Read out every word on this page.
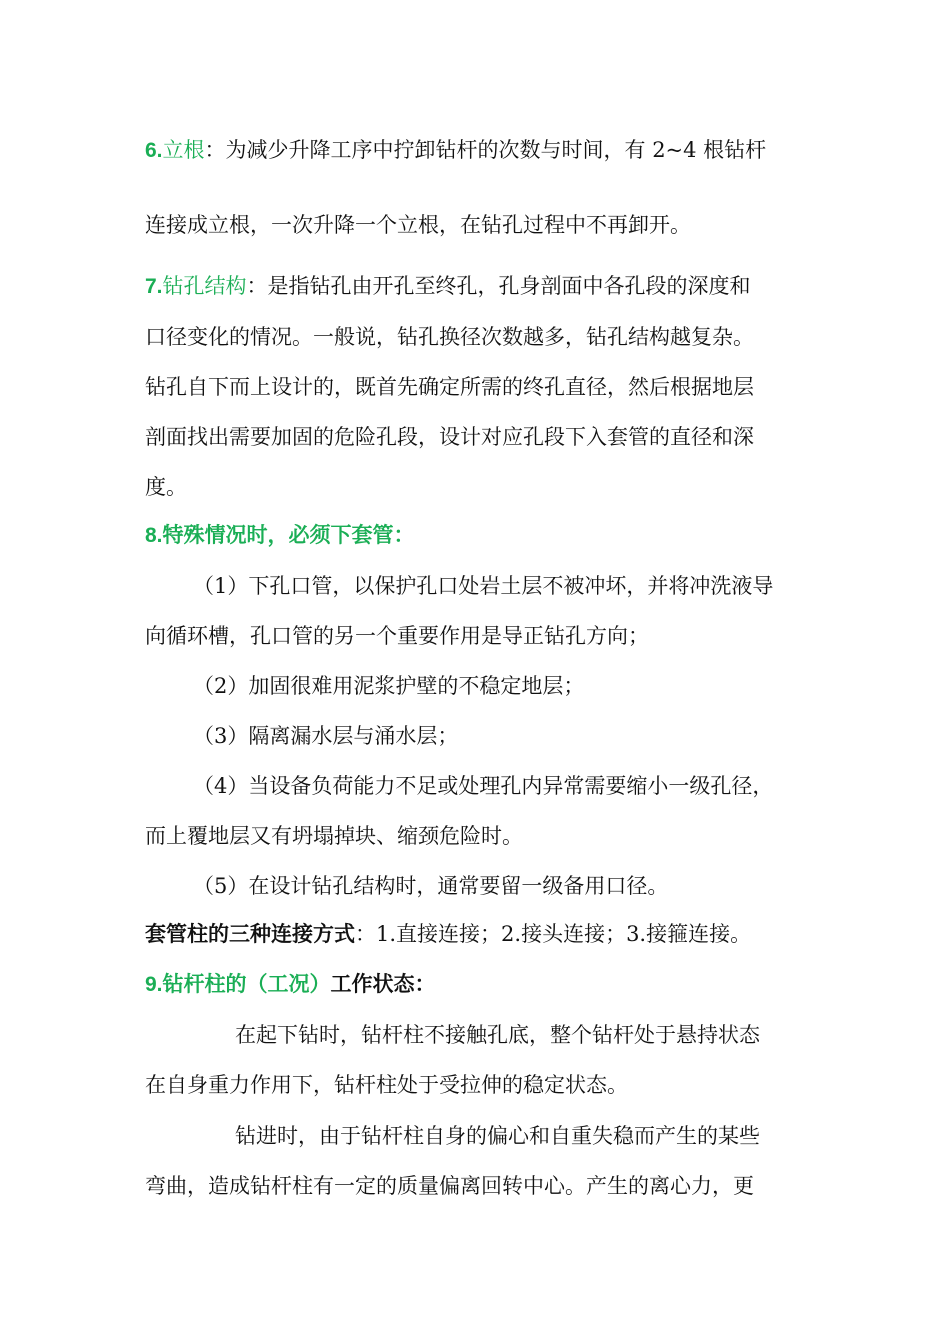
6.立根：为减少升降工序中拧卸钻杆的次数与时间，有 2~4 根钻杆
连接成立根，一次升降一个立根，在钻孔过程中不再卸开。
7.钻孔结构：是指钻孔由开孔至终孔，孔身剖面中各孔段的深度和
口径变化的情况。一般说，钻孔换径次数越多，钻孔结构越复杂。
钻孔自下而上设计的，既首先确定所需的终孔直径，然后根据地层
剖面找出需要加固的危险孔段，设计对应孔段下入套管的直径和深
度。
8.特殊情况时，必须下套管：
（1）下孔口管，以保护孔口处岩土层不被冲坏，并将冲洗液导
向循环槽，孔口管的另一个重要作用是导正钻孔方向；
（2）加固很难用泥浆护壁的不稳定地层；
（3）隔离漏水层与涌水层；
（4）当设备负荷能力不足或处理孔内异常需要缩小一级孔径，
而上覆地层又有坍塌掉块、缩颈危险时。
（5）在设计钻孔结构时，通常要留一级备用口径。
套管柱的三种连接方式：1.直接连接；2.接头连接；3.接箍连接。
9.钻杆柱的（工况）工作状态：
在起下钻时，钻杆柱不接触孔底，整个钻杆处于悬持状态
在自身重力作用下，钻杆柱处于受拉伸的稳定状态。
钻进时，由于钻杆柱自身的偏心和自重失稳而产生的某些
弯曲，造成钻杆柱有一定的质量偏离回转中心。产生的离心力，更
